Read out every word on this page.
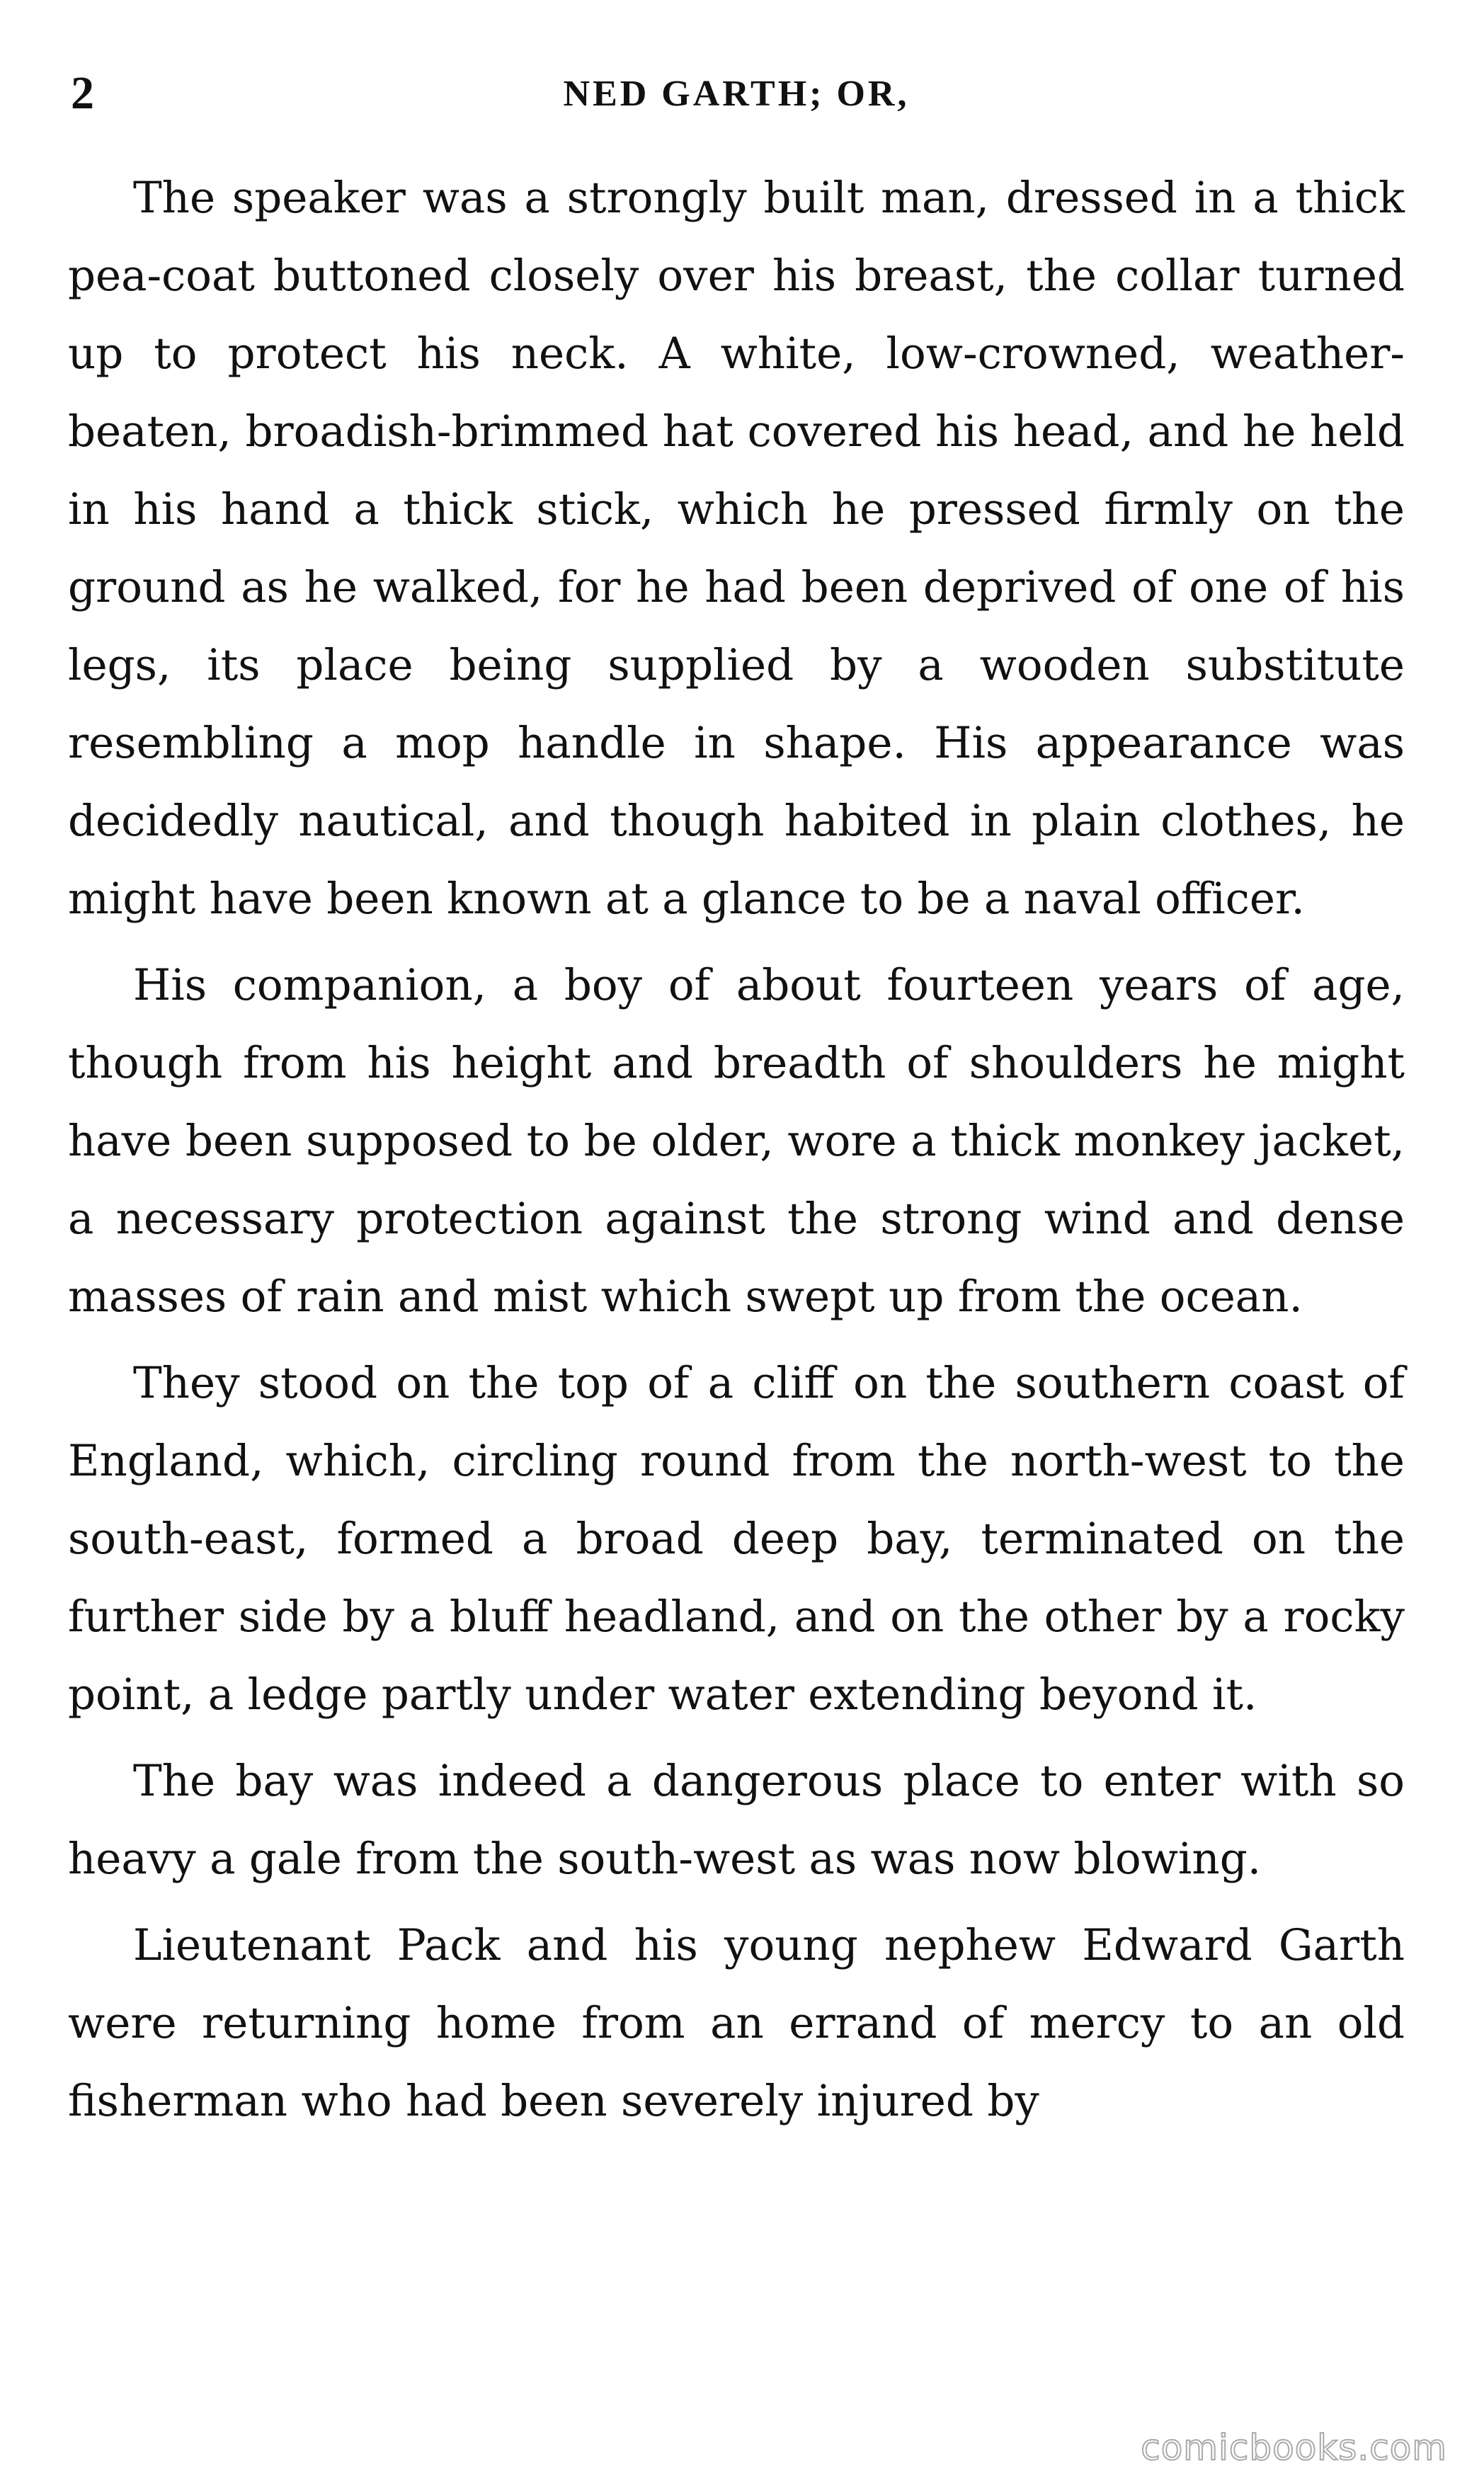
2	NED GARTH; OR,

The speaker was a strongly built man, dressed in a thick pea-coat buttoned closely over his breast, the collar turned up to protect his neck. A white, low-crowned, weather-beaten, broadish-brimmed hat covered his head, and he held in his hand a thick stick, which he pressed firmly on the ground as he walked, for he had been deprived of one of his legs, its place being supplied by a wooden substitute resembling a mop handle in shape. His appearance was decidedly nautical, and though habited in plain clothes, he might have been known at a glance to be a naval officer.

His companion, a boy of about fourteen years of age, though from his height and breadth of shoulders he might have been supposed to be older, wore a thick monkey jacket, a necessary protection against the strong wind and dense masses of rain and mist which swept up from the ocean.

They stood on the top of a cliff on the southern coast of England, which, circling round from the north-west to the south-east, formed a broad deep bay, terminated on the further side by a bluff headland, and on the other by a rocky point, a ledge partly under water extending beyond it.

The bay was indeed a dangerous place to enter with so heavy a gale from the south-west as was now blowing.

Lieutenant Pack and his young nephew Edward Garth were returning home from an errand of mercy to an old fisherman who had been severely injured by

comicbooks.com
